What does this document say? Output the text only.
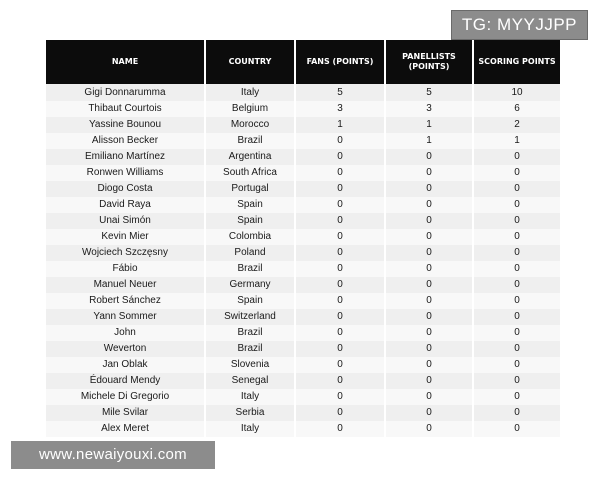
TG: MYYJJPP
NAME	COUNTRY	FANS (POINTS)	PANELLISTS (POINTS)	SCORING POINTS
Gigi Donnarumma	Italy	5	5	10
Thibaut Courtois	Belgium	3	3	6
Yassine Bounou	Morocco	1	1	2
Alisson Becker	Brazil	0	1	1
Emiliano Martínez	Argentina	0	0	0
Ronwen Williams	South Africa	0	0	0
Diogo Costa	Portugal	0	0	0
David Raya	Spain	0	0	0
Unai Simón	Spain	0	0	0
Kevin Mier	Colombia	0	0	0
Wojciech Szczęsny	Poland	0	0	0
Fábio	Brazil	0	0	0
Manuel Neuer	Germany	0	0	0
Robert Sánchez	Spain	0	0	0
Yann Sommer	Switzerland	0	0	0
John	Brazil	0	0	0
Weverton	Brazil	0	0	0
Jan Oblak	Slovenia	0	0	0
Édouard Mendy	Senegal	0	0	0
Michele Di Gregorio	Italy	0	0	0
Mile Svilar	Serbia	0	0	0
Alex Meret	Italy	0	0	0
www.newaiyouxi.com
